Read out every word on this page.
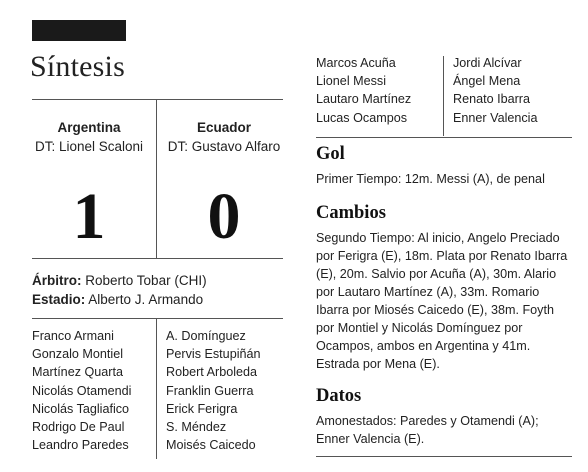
Síntesis
Argentina
DT: Lionel Scaloni
Ecuador
DT: Gustavo Alfaro
1	0
Árbitro: Roberto Tobar (CHI)
Estadio: Alberto J. Armando
Franco Armani
Gonzalo Montiel
Martínez Quarta
Nicolás Otamendi
Nicolás Tagliafico
Rodrigo De Paul
Leandro Paredes
A. Domínguez
Pervis Estupiñán
Robert Arboleda
Franklin Guerra
Erick Ferigra
S. Méndez
Moisés Caicedo
Marcos Acuña
Lionel Messi
Lautaro Martínez
Lucas Ocampos
Jordi Alcívar
Ángel Mena
Renato Ibarra
Enner Valencia
Gol
Primer Tiempo: 12m. Messi (A), de penal
Cambios
Segundo Tiempo: Al inicio, Angelo Preciado por Ferigra (E), 18m. Plata por Renato Ibarra (E), 20m. Salvio por Acuña (A), 30m. Alario por Lautaro Martínez (A), 33m. Romario Ibarra por Miosés Caicedo (E), 38m. Foyth por Montiel y Nicolás Domínguez por Ocampos, ambos en Argentina y 41m. Estrada por Mena (E).
Datos
Amonestados: Paredes y Otamendi (A); Enner Valencia (E).
